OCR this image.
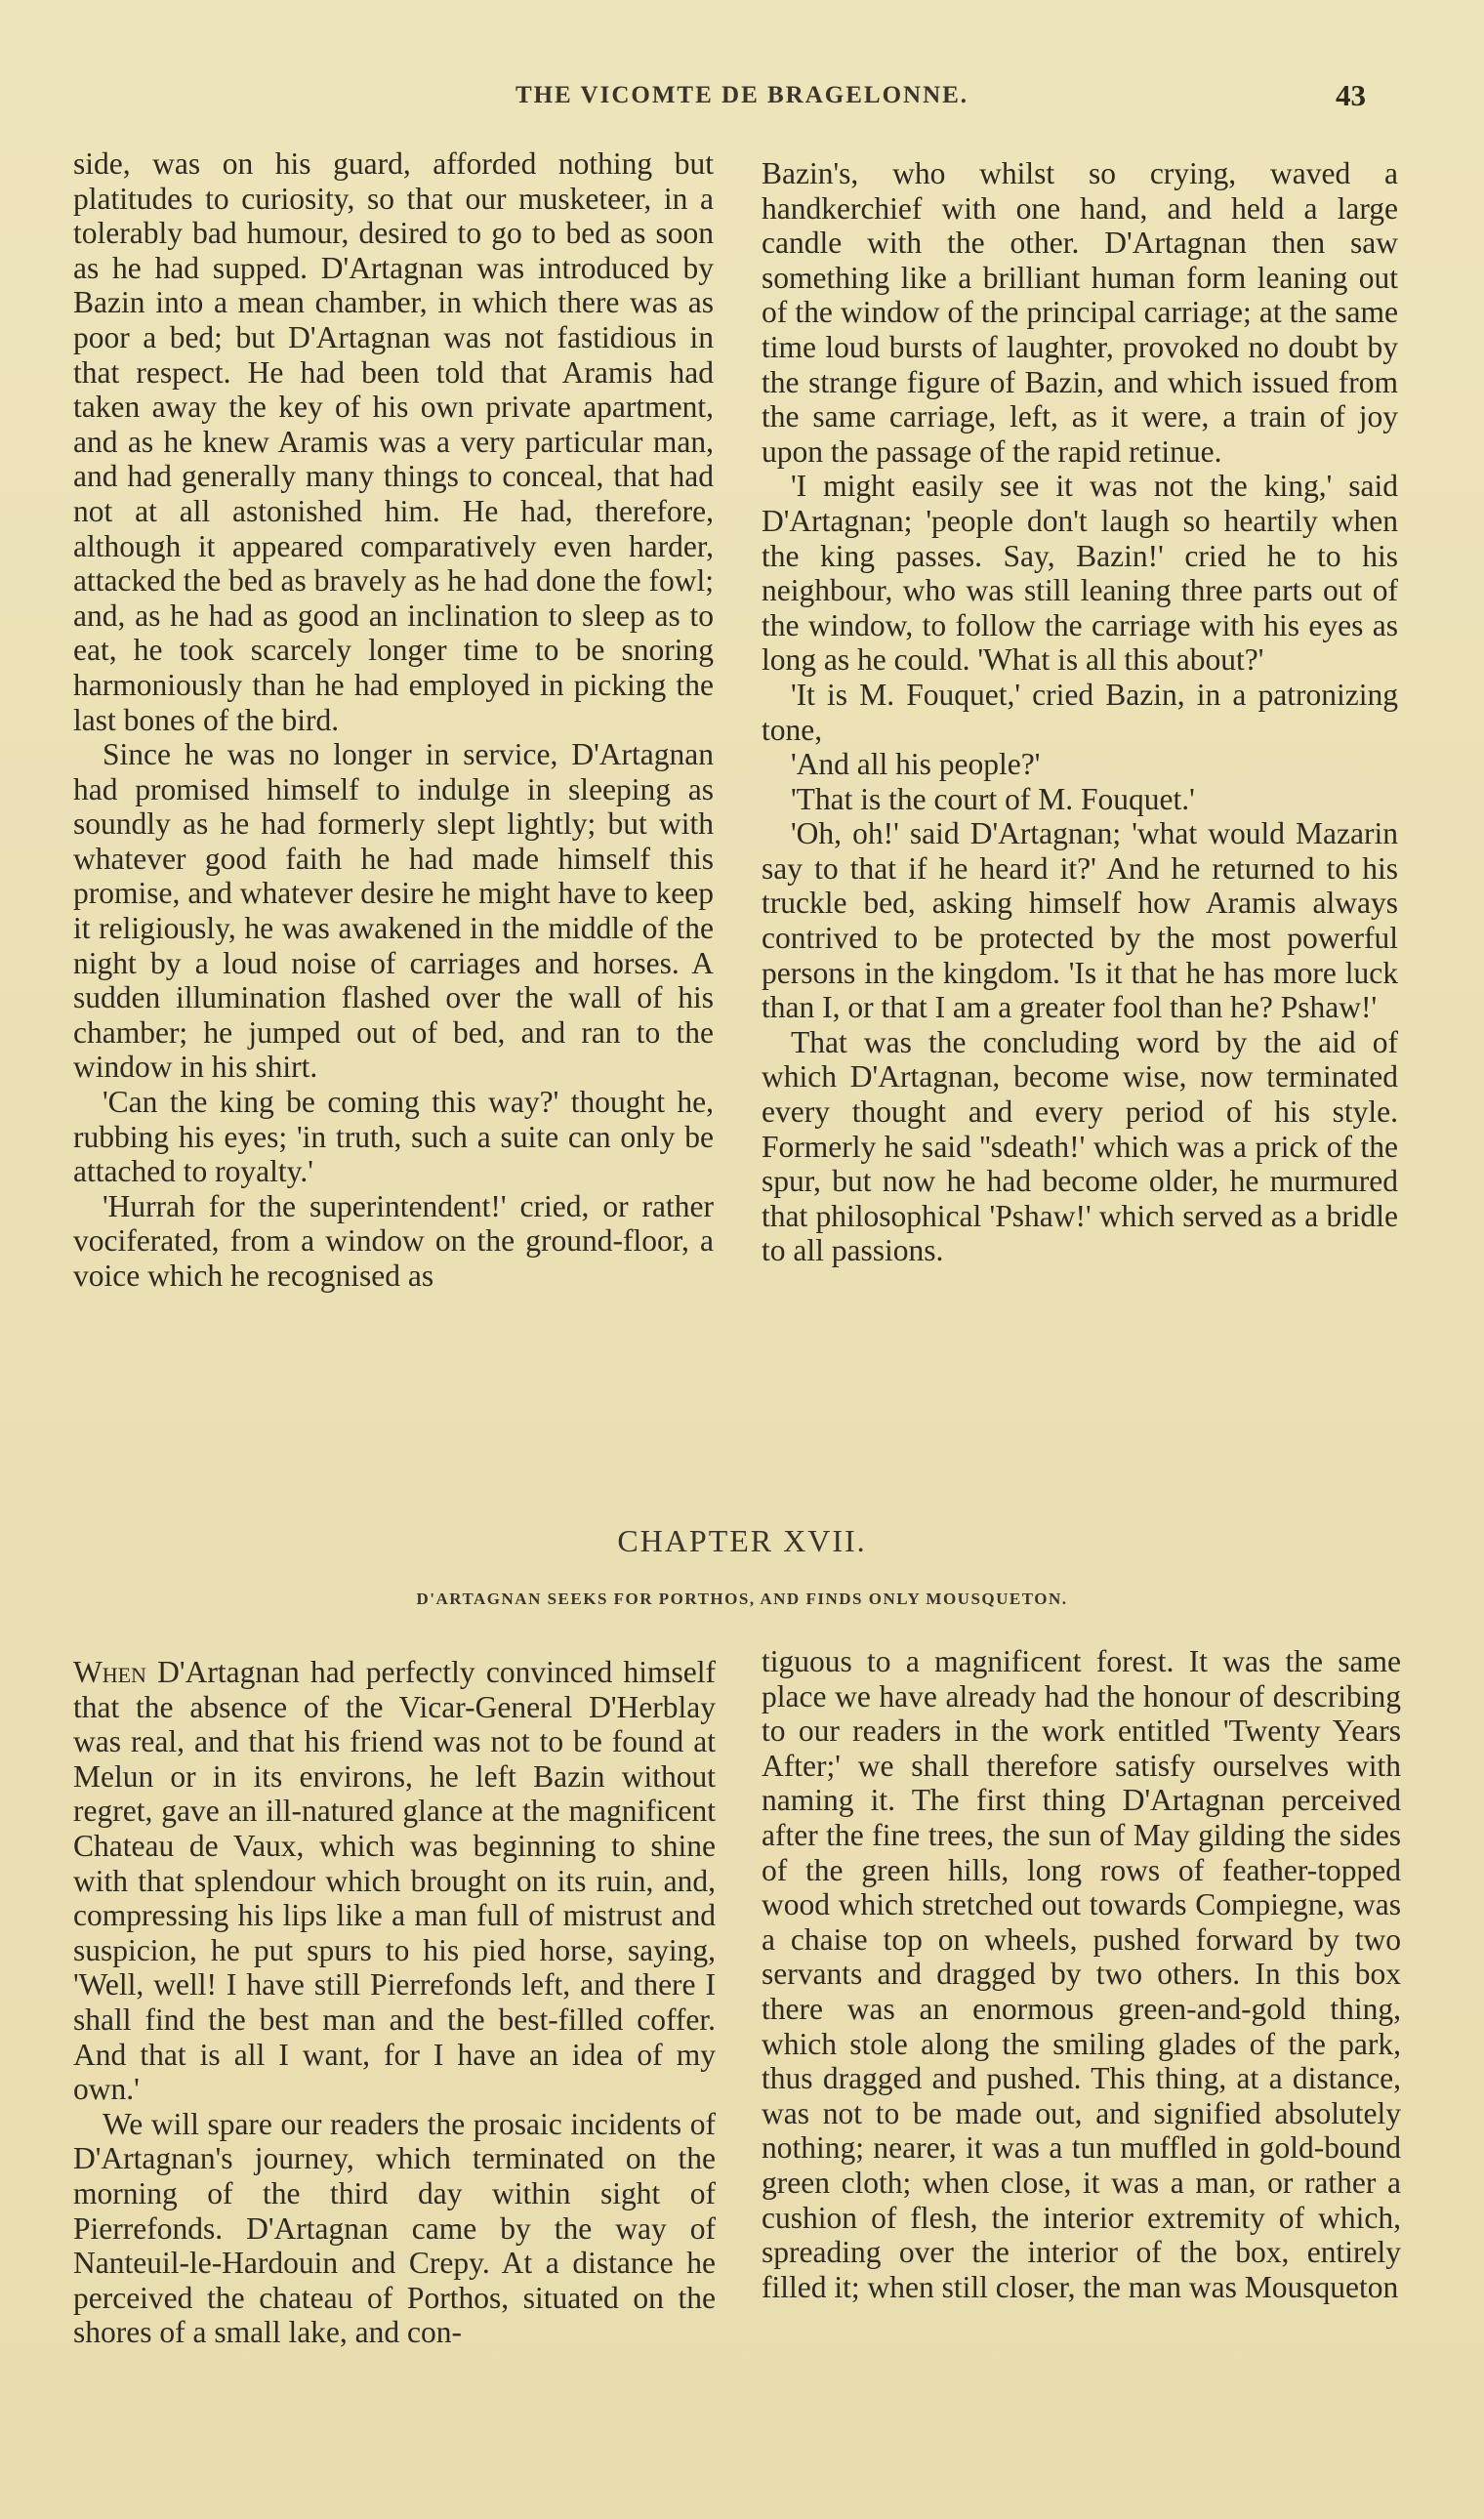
THE VICOMTE DE BRAGELONNE.	43

side, was on his guard, afforded nothing but platitudes to curiosity, so that our musketeer, in a tolerably bad humour, desired to go to bed as soon as he had supped. D'Artagnan was introduced by Bazin into a mean chamber, in which there was as poor a bed; but D'Artagnan was not fastidious in that respect. He had been told that Aramis had taken away the key of his own private apartment, and as he knew Aramis was a very particular man, and had generally many things to conceal, that had not at all astonished him. He had, therefore, although it appeared comparatively even harder, attacked the bed as bravely as he had done the fowl; and, as he had as good an inclination to sleep as to eat, he took scarcely longer time to be snoring harmoniously than he had employed in picking the last bones of the bird.

Since he was no longer in service, D'Artagnan had promised himself to indulge in sleeping as soundly as he had formerly slept lightly; but with whatever good faith he had made himself this promise, and whatever desire he might have to keep it religiously, he was awakened in the middle of the night by a loud noise of carriages and horses. A sudden illumination flashed over the wall of his chamber; he jumped out of bed, and ran to the window in his shirt.

'Can the king be coming this way?' thought he, rubbing his eyes; 'in truth, such a suite can only be attached to royalty.'

'Hurrah for the superintendent!' cried, or rather vociferated, from a window on the ground-floor, a voice which he recognised as

Bazin's, who whilst so crying, waved a handkerchief with one hand, and held a large candle with the other. D'Artagnan then saw something like a brilliant human form leaning out of the window of the principal carriage; at the same time loud bursts of laughter, provoked no doubt by the strange figure of Bazin, and which issued from the same carriage, left, as it were, a train of joy upon the passage of the rapid retinue.

'I might easily see it was not the king,' said D'Artagnan; 'people don't laugh so heartily when the king passes. Say, Bazin!' cried he to his neighbour, who was still leaning three parts out of the window, to follow the carriage with his eyes as long as he could. 'What is all this about?'

'It is M. Fouquet,' cried Bazin, in a patronizing tone,

'And all his people?'

'That is the court of M. Fouquet.'

'Oh, oh!' said D'Artagnan; 'what would Mazarin say to that if he heard it?' And he returned to his truckle bed, asking himself how Aramis always contrived to be protected by the most powerful persons in the kingdom. 'Is it that he has more luck than I, or that I am a greater fool than he? Pshaw!'

That was the concluding word by the aid of which D'Artagnan, become wise, now terminated every thought and every period of his style. Formerly he said ''sdeath!' which was a prick of the spur, but now he had become older, he murmured that philosophical 'Pshaw!' which served as a bridle to all passions.

CHAPTER XVII.
D'ARTAGNAN SEEKS FOR PORTHOS, AND FINDS ONLY MOUSQUETON.

When D'Artagnan had perfectly convinced himself that the absence of the Vicar-General D'Herblay was real, and that his friend was not to be found at Melun or in its environs, he left Bazin without regret, gave an ill-natured glance at the magnificent Chateau de Vaux, which was beginning to shine with that splendour which brought on its ruin, and, compressing his lips like a man full of mistrust and suspicion, he put spurs to his pied horse, saying, 'Well, well! I have still Pierrefonds left, and there I shall find the best man and the best-filled coffer. And that is all I want, for I have an idea of my own.'

We will spare our readers the prosaic incidents of D'Artagnan's journey, which terminated on the morning of the third day within sight of Pierrefonds. D'Artagnan came by the way of Nanteuil-le-Hardouin and Crepy. At a distance he perceived the chateau of Porthos, situated on the shores of a small lake, and con-

tiguous to a magnificent forest. It was the same place we have already had the honour of describing to our readers in the work entitled 'Twenty Years After;' we shall therefore satisfy ourselves with naming it. The first thing D'Artagnan perceived after the fine trees, the sun of May gilding the sides of the green hills, long rows of feather-topped wood which stretched out towards Compiegne, was a chaise top on wheels, pushed forward by two servants and dragged by two others. In this box there was an enormous green-and-gold thing, which stole along the smiling glades of the park, thus dragged and pushed. This thing, at a distance, was not to be made out, and signified absolutely nothing; nearer, it was a tun muffled in gold-bound green cloth; when close, it was a man, or rather a cushion of flesh, the interior extremity of which, spreading over the interior of the box, entirely filled it; when still closer, the man was Mousqueton
